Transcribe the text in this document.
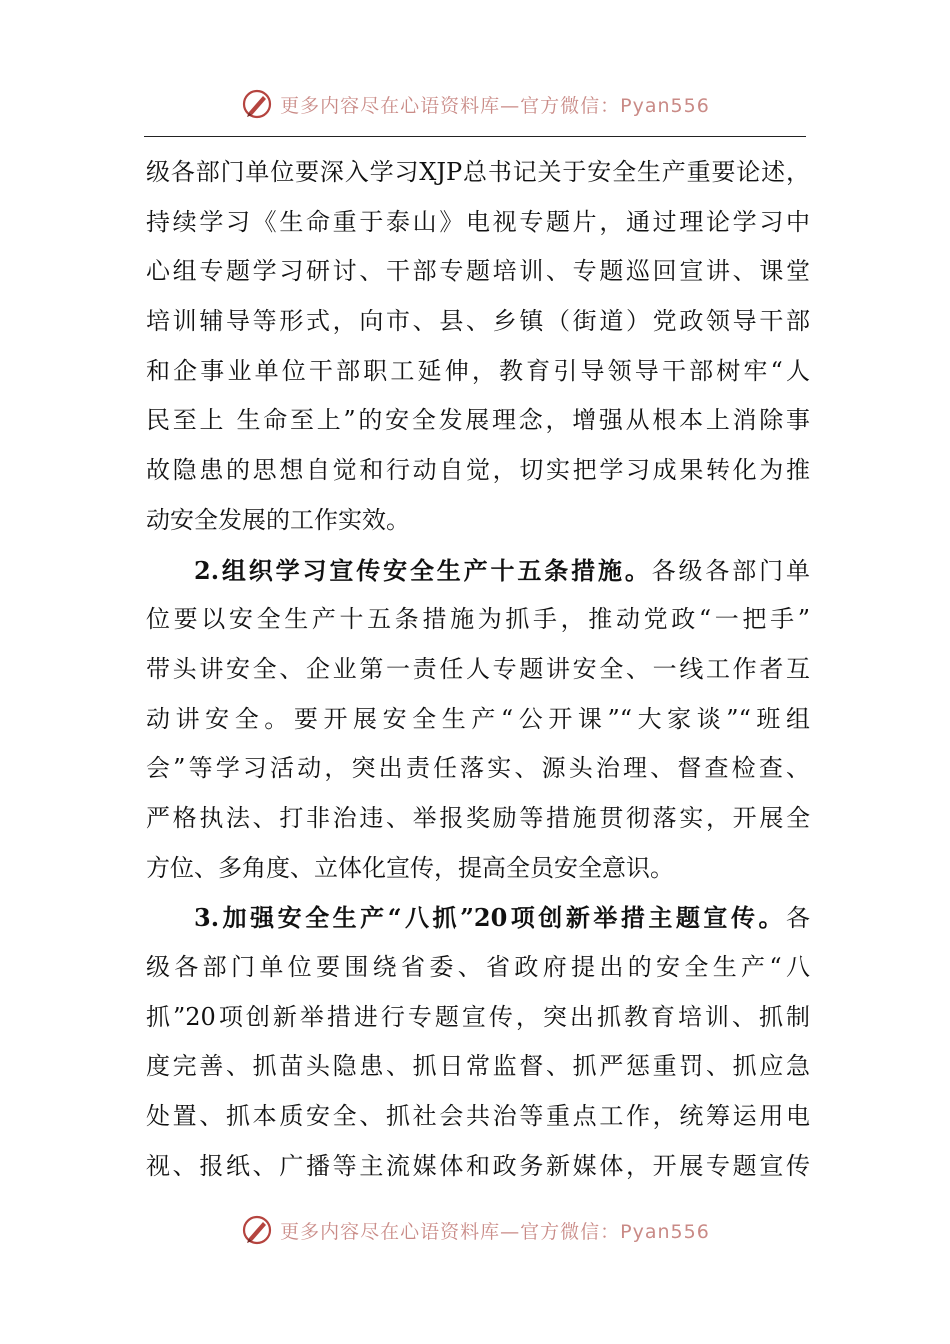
更多内容尽在心语资料库—官方微信：Pyan556
级各部门单位要深入学习XJP总书记关于安全生产重要论述，
持续学习《生命重于泰山》电视专题片，通过理论学习中
心组专题学习研讨、干部专题培训、专题巡回宣讲、课堂
培训辅导等形式，向市、县、乡镇（街道）党政领导干部
和企事业单位干部职工延伸，教育引导领导干部树牢“人
民至上 生命至上”的安全发展理念，增强从根本上消除事
故隐患的思想自觉和行动自觉，切实把学习成果转化为推
动安全发展的工作实效。
2.组织学习宣传安全生产十五条措施。各级各部门单
位要以安全生产十五条措施为抓手，推动党政“一把手”
带头讲安全、企业第一责任人专题讲安全、一线工作者互
动讲安全。要开展安全生产“公开课”“大家谈”“班组
会”等学习活动，突出责任落实、源头治理、督查检查、
严格执法、打非治违、举报奖励等措施贯彻落实，开展全
方位、多角度、立体化宣传，提高全员安全意识。
3.加强安全生产“八抓”20项创新举措主题宣传。各
级各部门单位要围绕省委、省政府提出的安全生产“八
抓”20项创新举措进行专题宣传，突出抓教育培训、抓制
度完善、抓苗头隐患、抓日常监督、抓严惩重罚、抓应急
处置、抓本质安全、抓社会共治等重点工作，统筹运用电
视、报纸、广播等主流媒体和政务新媒体，开展专题宣传
更多内容尽在心语资料库—官方微信：Pyan556
